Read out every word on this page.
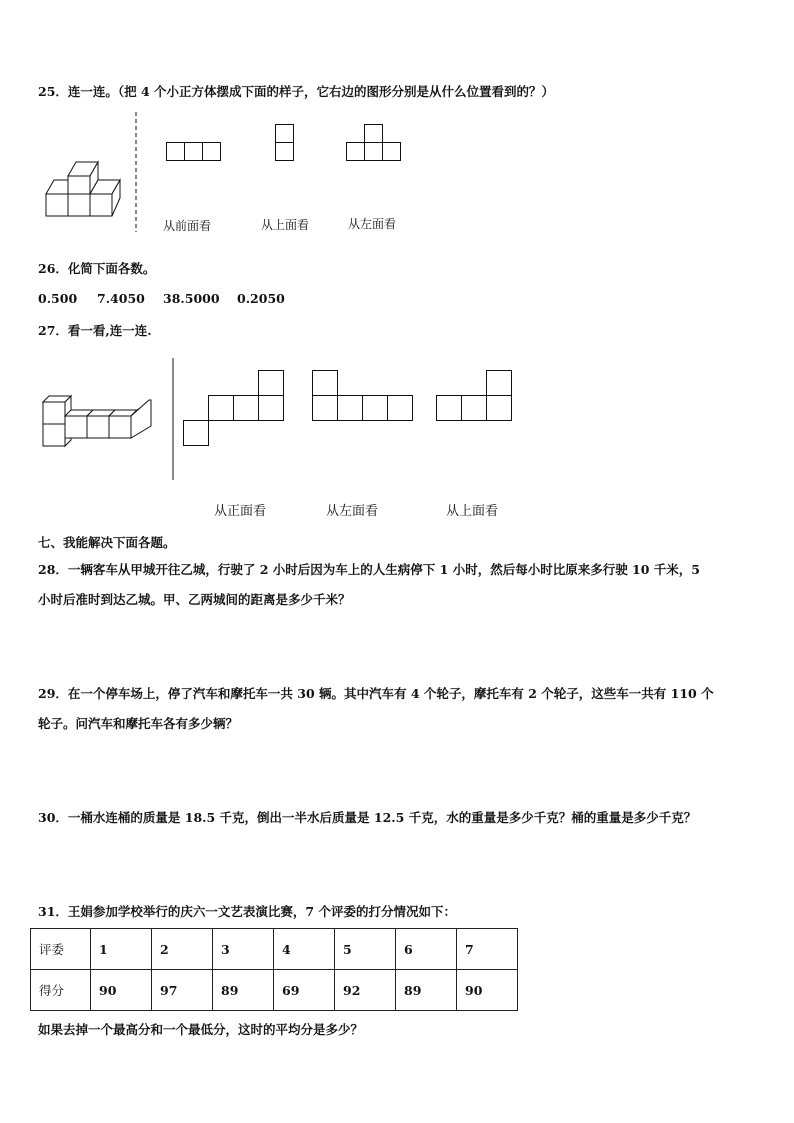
25．连一连。（把 4 个小正方体摆成下面的样子，它右边的图形分别是从什么位置看到的？）
从前面看	从上面看	从左面看
26．化简下面各数。
0.500 7.4050 38.5000 0.2050
27．看一看,连一连.
从正面看	从左面看	从上面看
七、我能解决下面各题。
28．一辆客车从甲城开往乙城，行驶了 2 小时后因为车上的人生病停下 1 小时，然后每小时比原来多行驶 10 千米，5
小时后准时到达乙城。甲、乙两城间的距离是多少千米？
29．在一个停车场上，停了汽车和摩托车一共 30 辆。其中汽车有 4 个轮子，摩托车有 2 个轮子，这些车一共有 110 个
轮子。问汽车和摩托车各有多少辆？
30．一桶水连桶的质量是 18.5 千克，倒出一半水后质量是 12.5 千克，水的重量是多少千克？桶的重量是多少千克？
31．王娟参加学校举行的庆六一文艺表演比赛，7 个评委的打分情况如下：
评委	1	2	3	4	5	6	7
得分	90	97	89	69	92	89	90
如果去掉一个最高分和一个最低分，这时的平均分是多少？
